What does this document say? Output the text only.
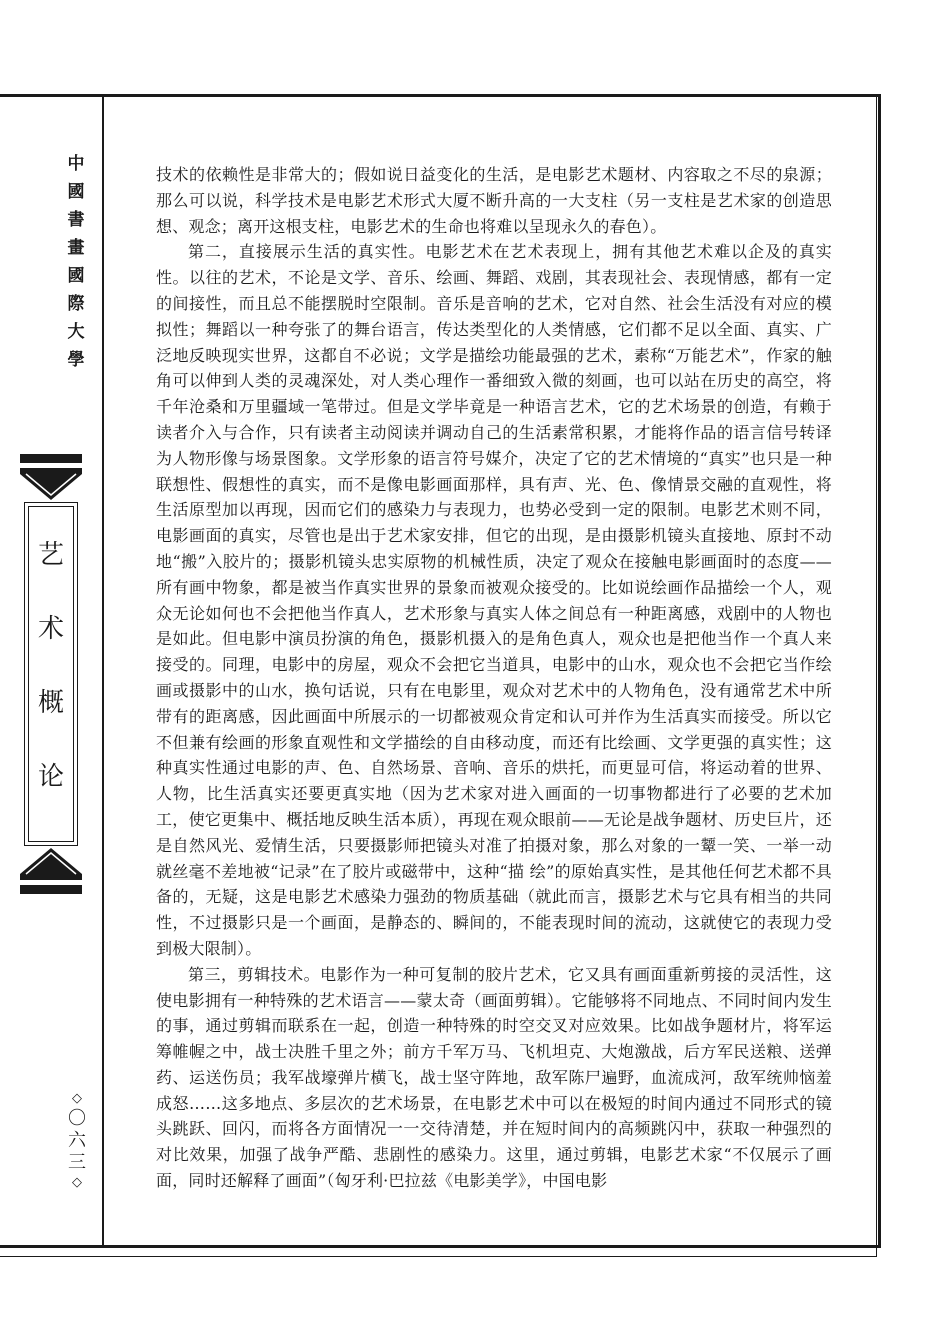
中
國
書
畫
國
際
大
學
艺
术
概
论
◇
〇
六
三
◇

技术的依赖性是非常大的；假如说日益变化的生活，是电影艺术题材、内容取之不尽的泉源；那么可以说，科学技术是电影艺术形式大厦不断升高的一大支柱（另一支柱是艺术家的创造思想、观念；离开这根支柱，电影艺术的生命也将难以呈现永久的春色）。

第二，直接展示生活的真实性。电影艺术在艺术表现上，拥有其他艺术难以企及的真实性。以往的艺术，不论是文学、音乐、绘画、舞蹈、戏剧，其表现社会、表现情感，都有一定的间接性，而且总不能摆脱时空限制。音乐是音响的艺术，它对自然、社会生活没有对应的模拟性；舞蹈以一种夸张了的舞台语言，传达类型化的人类情感，它们都不足以全面、真实、广泛地反映现实世界，这都自不必说；文学是描绘功能最强的艺术，素称“万能艺术”，作家的触角可以伸到人类的灵魂深处，对人类心理作一番细致入微的刻画，也可以站在历史的高空，将千年沧桑和万里疆域一笔带过。但是文学毕竟是一种语言艺术，它的艺术场景的创造，有赖于读者介入与合作，只有读者主动阅读并调动自己的生活素常积累，才能将作品的语言信号转译为人物形像与场景图象。文学形象的语言符号媒介，决定了它的艺术情境的“真实”也只是一种联想性、假想性的真实，而不是像电影画面那样，具有声、光、色、像情景交融的直观性，将生活原型加以再现，因而它们的感染力与表现力，也势必受到一定的限制。电影艺术则不同，电影画面的真实，尽管也是出于艺术家安排，但它的出现，是由摄影机镜头直接地、原封不动地“搬”入胶片的；摄影机镜头忠实原物的机械性质，决定了观众在接触电影画面时的态度——所有画中物象，都是被当作真实世界的景象而被观众接受的。比如说绘画作品描绘一个人，观众无论如何也不会把他当作真人，艺术形象与真实人体之间总有一种距离感，戏剧中的人物也是如此。但电影中演员扮演的角色，摄影机摄入的是角色真人，观众也是把他当作一个真人来接受的。同理，电影中的房屋，观众不会把它当道具，电影中的山水，观众也不会把它当作绘画或摄影中的山水，换句话说，只有在电影里，观众对艺术中的人物角色，没有通常艺术中所带有的距离感，因此画面中所展示的一切都被观众肯定和认可并作为生活真实而接受。所以它不但兼有绘画的形象直观性和文学描绘的自由移动度，而还有比绘画、文学更强的真实性；这种真实性通过电影的声、色、自然场景、音响、音乐的烘托，而更显可信，将运动着的世界、人物，比生活真实还要更真实地（因为艺术家对进入画面的一切事物都进行了必要的艺术加工，使它更集中、概括地反映生活本质），再现在观众眼前——无论是战争题材、历史巨片，还是自然风光、爱情生活，只要摄影师把镜头对准了拍摄对象，那么对象的一颦一笑、一举一动就丝毫不差地被“记录”在了胶片或磁带中，这种“描 绘”的原始真实性，是其他任何艺术都不具备的，无疑，这是电影艺术感染力强劲的物质基础（就此而言，摄影艺术与它具有相当的共同性，不过摄影只是一个画面，是静态的、瞬间的，不能表现时间的流动，这就使它的表现力受到极大限制）。

第三，剪辑技术。电影作为一种可复制的胶片艺术，它又具有画面重新剪接的灵活性，这使电影拥有一种特殊的艺术语言——蒙太奇（画面剪辑）。它能够将不同地点、不同时间内发生的事，通过剪辑而联系在一起，创造一种特殊的时空交叉对应效果。比如战争题材片，将军运筹帷幄之中，战士决胜千里之外；前方千军万马、飞机坦克、大炮激战，后方军民送粮、送弹药、运送伤员；我军战壕弹片横飞，战士坚守阵地，敌军陈尸遍野，血流成河，敌军统帅恼羞成怒……这多地点、多层次的艺术场景，在电影艺术中可以在极短的时间内通过不同形式的镜头跳跃、回闪，而将各方面情况一一交待清楚，并在短时间内的高频跳闪中，获取一种强烈的对比效果，加强了战争严酷、悲剧性的感染力。这里，通过剪辑，电影艺术家“不仅展示了画面，同时还解释了画面”（匈牙利·巴拉兹《电影美学》，中国电影
